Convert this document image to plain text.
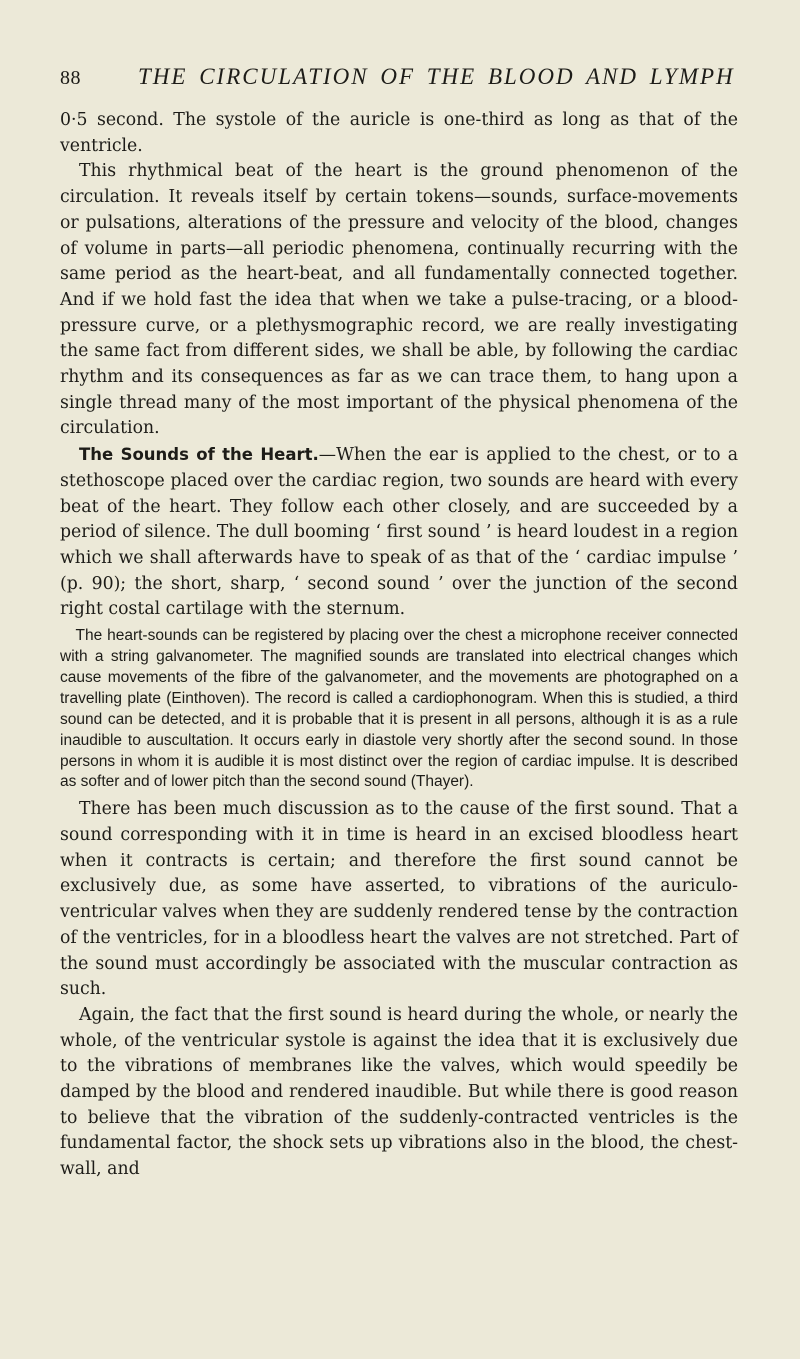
88	THE CIRCULATION OF THE BLOOD AND LYMPH

0·5 second. The systole of the auricle is one-third as long as that of the ventricle.

This rhythmical beat of the heart is the ground phenomenon of the circulation. It reveals itself by certain tokens—sounds, surface-movements or pulsations, alterations of the pressure and velocity of the blood, changes of volume in parts—all periodic phenomena, continually recurring with the same period as the heart-beat, and all fundamentally connected together. And if we hold fast the idea that when we take a pulse-tracing, or a blood-pressure curve, or a plethysmographic record, we are really investigating the same fact from different sides, we shall be able, by following the cardiac rhythm and its consequences as far as we can trace them, to hang upon a single thread many of the most important of the physical phenomena of the circulation.

The Sounds of the Heart.—When the ear is applied to the chest, or to a stethoscope placed over the cardiac region, two sounds are heard with every beat of the heart. They follow each other closely, and are succeeded by a period of silence. The dull booming ‘ first sound ’ is heard loudest in a region which we shall afterwards have to speak of as that of the ‘ cardiac impulse ’ (p. 90); the short, sharp, ‘ second sound ’ over the junction of the second right costal cartilage with the sternum.

The heart-sounds can be registered by placing over the chest a microphone receiver connected with a string galvanometer. The magnified sounds are translated into electrical changes which cause movements of the fibre of the galvanometer, and the movements are photographed on a travelling plate (Einthoven). The record is called a cardiophonogram. When this is studied, a third sound can be detected, and it is probable that it is present in all persons, although it is as a rule inaudible to auscultation. It occurs early in diastole very shortly after the second sound. In those persons in whom it is audible it is most distinct over the region of cardiac impulse. It is described as softer and of lower pitch than the second sound (Thayer).

There has been much discussion as to the cause of the first sound. That a sound corresponding with it in time is heard in an excised bloodless heart when it contracts is certain; and therefore the first sound cannot be exclusively due, as some have asserted, to vibrations of the auriculo-ventricular valves when they are suddenly rendered tense by the contraction of the ventricles, for in a bloodless heart the valves are not stretched. Part of the sound must accordingly be associated with the muscular contraction as such.

Again, the fact that the first sound is heard during the whole, or nearly the whole, of the ventricular systole is against the idea that it is exclusively due to the vibrations of membranes like the valves, which would speedily be damped by the blood and rendered inaudible. But while there is good reason to believe that the vibration of the suddenly-contracted ventricles is the fundamental factor, the shock sets up vibrations also in the blood, the chest-wall, and
